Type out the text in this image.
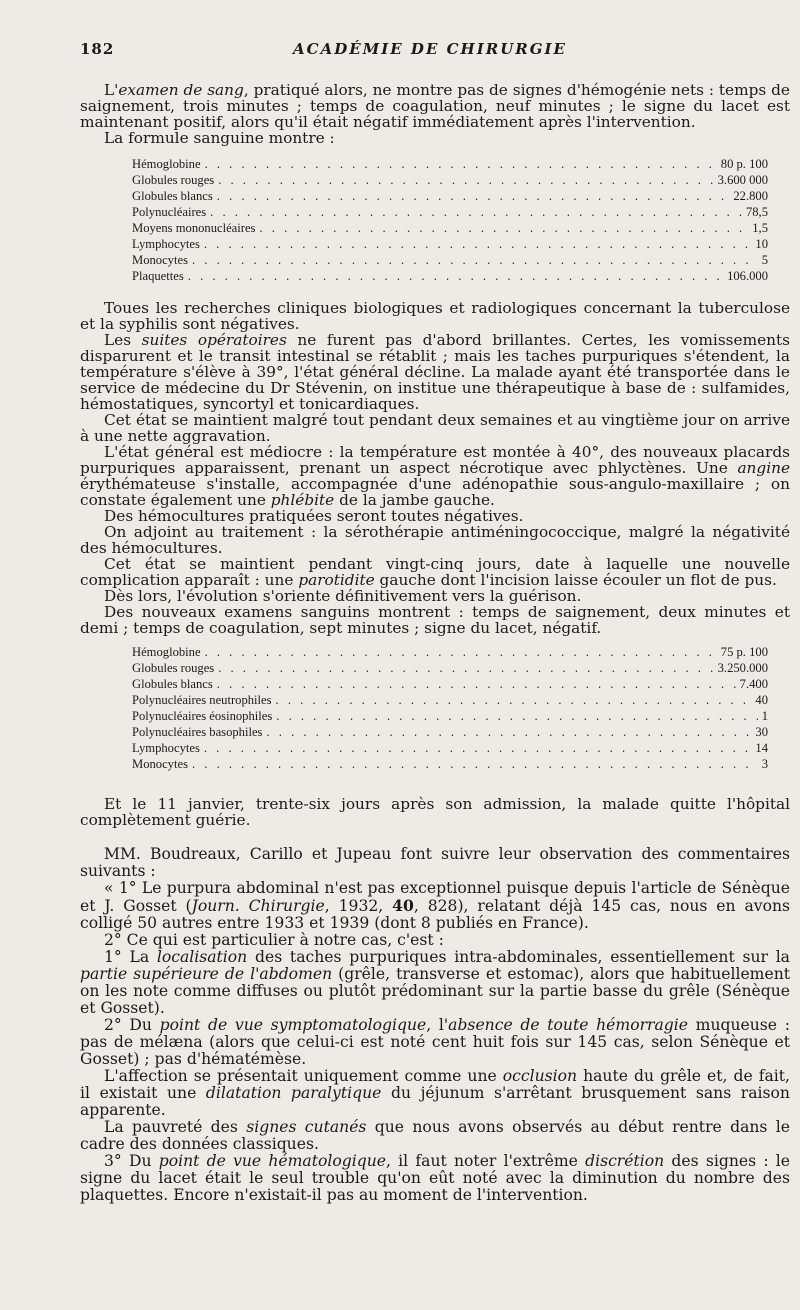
182	ACADÉMIE DE CHIRURGIE

L'examen de sang, pratiqué alors, ne montre pas de signes d'hémogénie nets : temps de saignement, trois minutes ; temps de coagulation, neuf minutes ; le signe du lacet est maintenant positif, alors qu'il était négatif immédiatement après l'intervention.

La formule sanguine montre :

Hémoglobine . . .	80 p. 100
Globules rouges . . .	3.600 000
Globules blancs . . .	22.800
Polynucléaires . . .	78,5
Moyens mononucléaires . . .	1,5
Lymphocytes . . .	10
Monocytes . . .	5
Plaquettes . . .	106.000

Toues les recherches cliniques biologiques et radiologiques concernant la tuberculose et la syphilis sont négatives.

Les suites opératoires ne furent pas d'abord brillantes. Certes, les vomissements disparurent et le transit intestinal se rétablit ; mais les taches purpuriques s'étendent, la température s'élève à 39°, l'état général décline. La malade ayant été transportée dans le service de médecine du Dr Stévenin, on institue une thérapeutique à base de : sulfamides, hémostatiques, syncortyl et tonicardiaques.

Cet état se maintient malgré tout pendant deux semaines et au vingtième jour on arrive à une nette aggravation.

L'état général est médiocre : la température est montée à 40°, des nouveaux placards purpuriques apparaissent, prenant un aspect nécrotique avec phlyctènes. Une angine érythémateuse s'installe, accompagnée d'une adénopathie sous-angulo-maxillaire ; on constate également une phlébite de la jambe gauche.

Des hémocultures pratiquées seront toutes négatives.

On adjoint au traitement : la sérothérapie antiméningococcique, malgré la négativité des hémocultures.

Cet état se maintient pendant vingt-cinq jours, date à laquelle une nouvelle complication apparaît : une parotidite gauche dont l'incision laisse écouler un flot de pus.

Dès lors, l'évolution s'oriente définitivement vers la guérison.

Des nouveaux examens sanguins montrent : temps de saignement, deux minutes et demi ; temps de coagulation, sept minutes ; signe du lacet, négatif.

Hémoglobine . . .	75 p. 100
Globules rouges . . .	3.250.000
Globules blancs . . .	7.400
Polynucléaires neutrophiles . . .	40
Polynucléaires éosinophiles . . .	1
Polynucléaires basophiles . . .	30
Lymphocytes . . .	14
Monocytes . . .	3

Et le 11 janvier, trente-six jours après son admission, la malade quitte l'hôpital complètement guérie.

MM. Boudreaux, Carillo et Jupeau font suivre leur observation des commentaires suivants :

« 1° Le purpura abdominal n'est pas exceptionnel puisque depuis l'article de Sénèque et J. Gosset (Journ. Chirurgie, 1932, 40, 828), relatant déjà 145 cas, nous en avons colligé 50 autres entre 1933 et 1939 (dont 8 publiés en France).

2° Ce qui est particulier à notre cas, c'est :

1° La localisation des taches purpuriques intra-abdominales, essentiellement sur la partie supérieure de l'abdomen (grêle, transverse et estomac), alors que habituellement on les note comme diffuses ou plutôt prédominant sur la partie basse du grêle (Sénèque et Gosset).

2° Du point de vue symptomatologique, l'absence de toute hémorragie muqueuse : pas de mélæna (alors que celui-ci est noté cent huit fois sur 145 cas, selon Sénèque et Gosset) ; pas d'hématémèse.

L'affection se présentait uniquement comme une occlusion haute du grêle et, de fait, il existait une dilatation paralytique du jéjunum s'arrêtant brusquement sans raison apparente.

La pauvreté des signes cutanés que nous avons observés au début rentre dans le cadre des données classiques.

3° Du point de vue hématologique, il faut noter l'extrême discrétion des signes : le signe du lacet était le seul trouble qu'on eût noté avec la diminution du nombre des plaquettes. Encore n'existait-il pas au moment de l'intervention.
